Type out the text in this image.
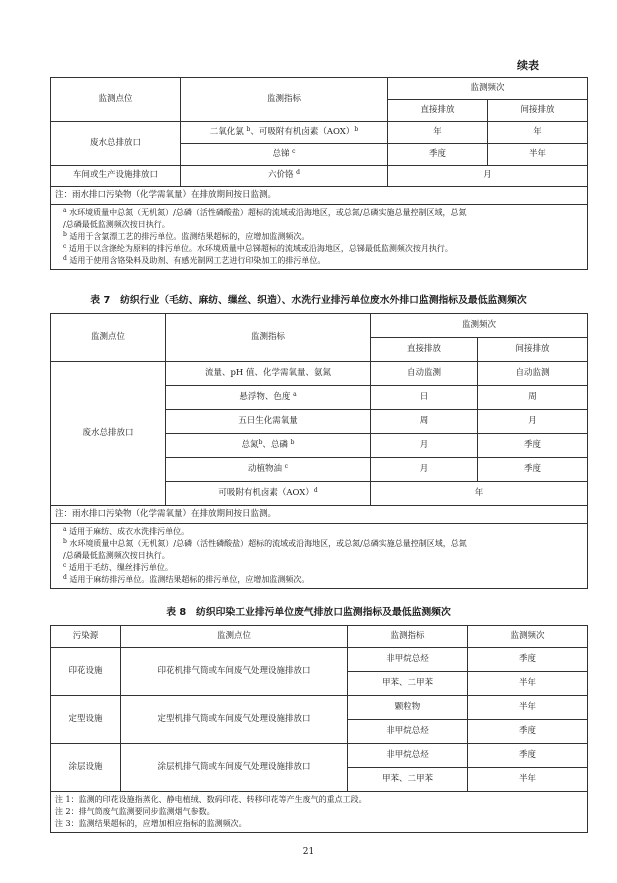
续表
监测点位	监测指标	监测频次	
		直接排放	间接排放
废水总排放口	二氧化氯 $^b$、可吸附有机卤素（AOX）$^b$	年	年
	总锑 $^c$	季度	半年
车间或生产设施排放口	六价铬 $^d$	月	
注：雨水排口污染物（化学需氧量）在排放期间按日监测。			

$^a$ 水环境质量中总氮（无机氮）/总磷（活性磷酸盐）超标的流域或沿海地区，或总氮/总磷实施总量控制区域，总氮
/总磷最低监测频次按日执行。
$^b$ 适用于含氯漂工艺的排污单位。监测结果超标的，应增加监测频次。
$^c$ 适用于以含涤纶为原料的排污单位。水环境质量中总锑超标的流域或沿海地区，总锑最低监测频次按月执行。
$^d$ 适用于使用含铬染料及助剂、有感光制网工艺进行印染加工的排污单位。			
表 7　纺织行业（毛纺、麻纺、缫丝、织造）、水洗行业排污单位废水外排口监测指标及最低监测频次
监测点位	监测指标	监测频次	
		直接排放	间接排放
废水总排放口	流量、pH 值、化学需氧量、氨氮	自动监测	自动监测
	悬浮物、色度 $^a$	日	周
	五日生化需氧量	周	月
	总氮$^b$、总磷 $^b$	月	季度
	动植物油 $^c$	月	季度
	可吸附有机卤素（AOX）$^d$	年	
注：雨水排口污染物（化学需氧量）在排放期间按日监测。			

$^a$ 适用于麻纺、成衣水洗排污单位。
$^b$ 水环境质量中总氮（无机氮）/总磷（活性磷酸盐）超标的流域或沿海地区，或总氮/总磷实施总量控制区域，总氮
/总磷最低监测频次按日执行。
$^c$ 适用于毛纺、缫丝排污单位。
$^d$ 适用于麻纺排污单位。监测结果超标的排污单位，应增加监测频次。			
表 8　纺织印染工业排污单位废气排放口监测指标及最低监测频次
污染源	监测点位	监测指标	监测频次
印花设施	印花机排气筒或车间废气处理设施排放口	非甲烷总烃	季度
		甲苯、二甲苯	半年
定型设施	定型机排气筒或车间废气处理设施排放口	颗粒物	半年
		非甲烷总烃	季度
涂层设施	涂层机排气筒或车间废气处理设施排放口	非甲烷总烃	季度
		甲苯、二甲苯	半年

注 1：监测的印花设施指蒸化、静电植绒、数码印花、转移印花等产生废气的重点工段。
注 2：排气筒废气监测要同步监测烟气参数。
注 3：监测结果超标的，应增加相应指标的监测频次。			
21
